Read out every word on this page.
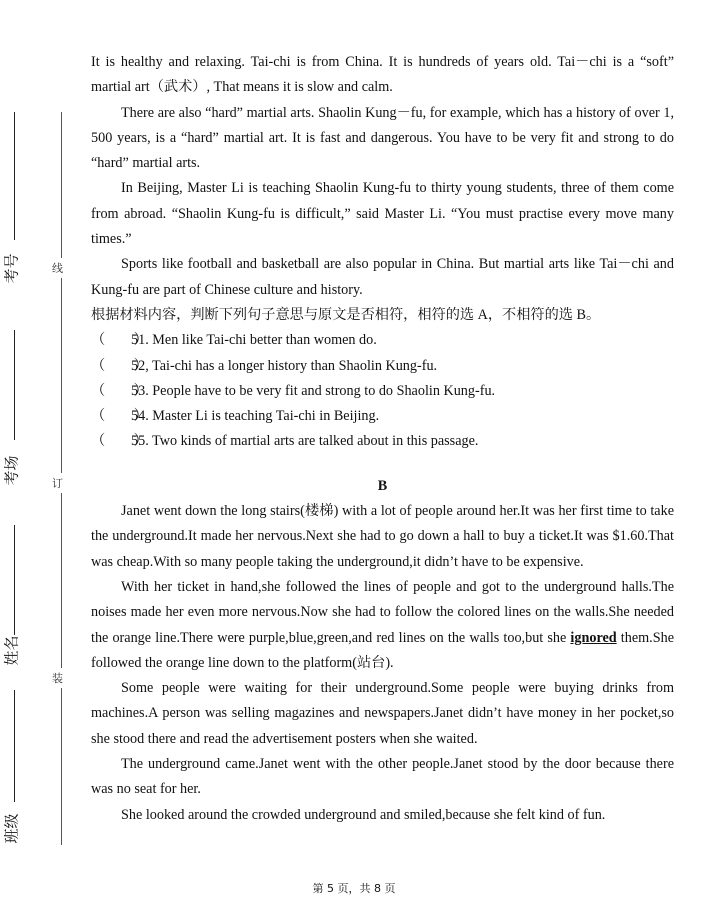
考号
考场
姓名
班级
线
订
装

It is healthy and relaxing. Tai-chi is from China. It is hundreds of years old. Tai－chi is a “soft” martial art（武术）, That means it is slow and calm.

There are also “hard” martial arts. Shaolin Kung－fu, for example, which has a history of over 1, 500 years, is a “hard” martial art. It is fast and dangerous. You have to be very fit and strong to do “hard” martial arts.

In Beijing, Master Li is teaching Shaolin Kung-fu to thirty young students, three of them come from abroad. “Shaolin Kung-fu is difficult,” said Master Li. “You must practise every move many times.”

Sports like football and basketball are also popular in China. But martial arts like Tai－chi and Kung-fu are part of Chinese culture and history.

根据材料内容，判断下列句子意思与原文是否相符，相符的选 A，不相符的选 B。

（　　）51. Men like Tai-chi better than women do.

（　　）52, Tai-chi has a longer history than Shaolin Kung-fu.

（　　）53. People have to be very fit and strong to do Shaolin Kung-fu.

（　　）54. Master Li is teaching Tai-chi in Beijing.

（　　）55. Two kinds of martial arts are talked about in this passage.

B

Janet went down the long stairs(楼梯) with a lot of people around her.It was her first time to take the underground.It made her nervous.Next she had to go down a hall to buy a ticket.It was $1.60.That was cheap.With so many people taking the underground,it didn’t have to be expensive.

With her ticket in hand,she followed the lines of people and got to the underground halls.The noises made her even more nervous.Now she had to follow the colored lines on the walls.She needed the orange line.There were purple,blue,green,and red lines on the walls too,but she ignored them.She followed the orange line down to the platform(站台).

Some people were waiting for their underground.Some people were buying drinks from machines.A person was selling magazines and newspapers.Janet didn’t have money in her pocket,so she stood there and read the advertisement posters when she waited.

The underground came.Janet went with the other people.Janet stood by the door because there was no seat for her.

She looked around the crowded underground and smiled,because she felt kind of fun.

第 5 页，共 8 页
